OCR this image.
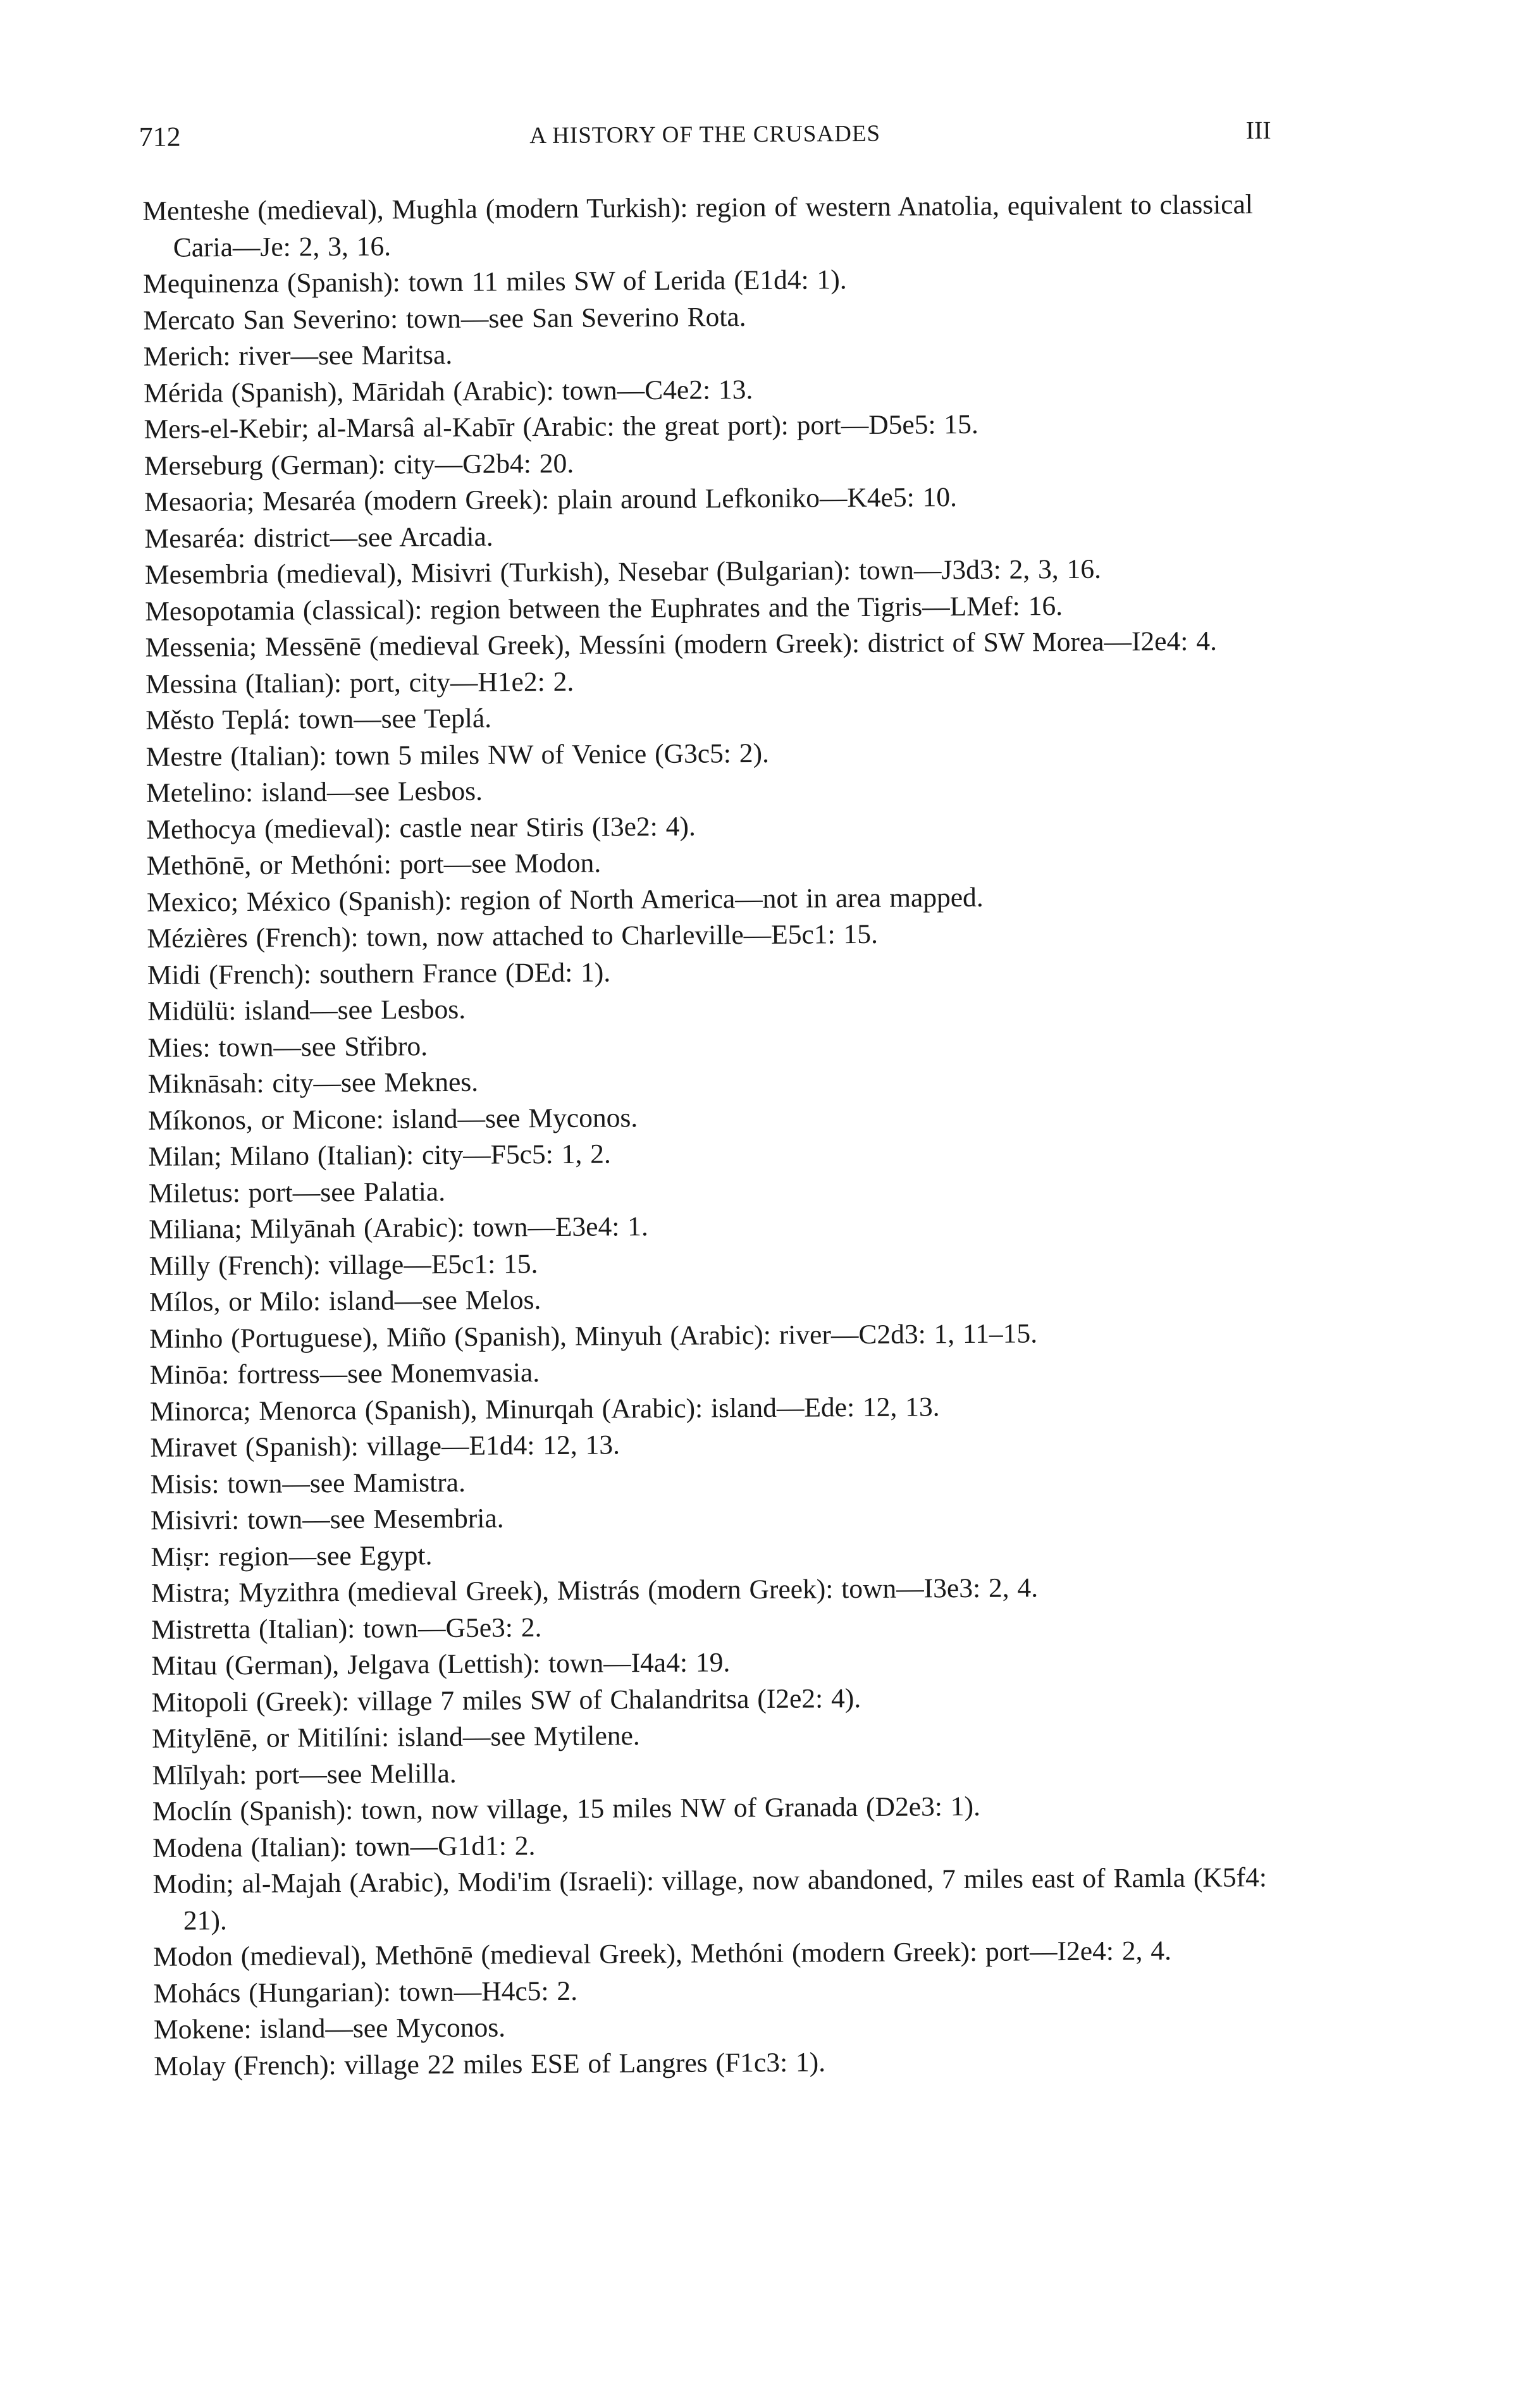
712	A HISTORY OF THE CRUSADES	III
Menteshe (medieval), Mughla (modern Turkish): region of western Anatolia, equivalent to classical Caria—Je: 2, 3, 16.
Mequinenza (Spanish): town 11 miles SW of Lerida (E1d4: 1).
Mercato San Severino: town—see San Severino Rota.
Merich: river—see Maritsa.
Mérida (Spanish), Māridah (Arabic): town—C4e2: 13.
Mers-el-Kebir; al-Marsâ al-Kabīr (Arabic: the great port): port—D5e5: 15.
Merseburg (German): city—G2b4: 20.
Mesaoria; Mesaréa (modern Greek): plain around Lefkoniko—K4e5: 10.
Mesaréa: district—see Arcadia.
Mesembria (medieval), Misivri (Turkish), Nesebar (Bulgarian): town—J3d3: 2, 3, 16.
Mesopotamia (classical): region between the Euphrates and the Tigris—LMef: 16.
Messenia; Messēnē (medieval Greek), Messíni (modern Greek): district of SW Morea—I2e4: 4.
Messina (Italian): port, city—H1e2: 2.
Město Teplá: town—see Teplá.
Mestre (Italian): town 5 miles NW of Venice (G3c5: 2).
Metelino: island—see Lesbos.
Methocya (medieval): castle near Stiris (I3e2: 4).
Methōnē, or Methóni: port—see Modon.
Mexico; México (Spanish): region of North America—not in area mapped.
Mézières (French): town, now attached to Charleville—E5c1: 15.
Midi (French): southern France (DEd: 1).
Midülü: island—see Lesbos.
Mies: town—see Střibro.
Miknāsah: city—see Meknes.
Míkonos, or Micone: island—see Myconos.
Milan; Milano (Italian): city—F5c5: 1, 2.
Miletus: port—see Palatia.
Miliana; Milyānah (Arabic): town—E3e4: 1.
Milly (French): village—E5c1: 15.
Mílos, or Milo: island—see Melos.
Minho (Portuguese), Miño (Spanish), Minyuh (Arabic): river—C2d3: 1, 11–15.
Minōa: fortress—see Monemvasia.
Minorca; Menorca (Spanish), Minurqah (Arabic): island—Ede: 12, 13.
Miravet (Spanish): village—E1d4: 12, 13.
Misis: town—see Mamistra.
Misivri: town—see Mesembria.
Miṣr: region—see Egypt.
Mistra; Myzithra (medieval Greek), Mistrás (modern Greek): town—I3e3: 2, 4.
Mistretta (Italian): town—G5e3: 2.
Mitau (German), Jelgava (Lettish): town—I4a4: 19.
Mitopoli (Greek): village 7 miles SW of Chalandritsa (I2e2: 4).
Mitylēnē, or Mitilíni: island—see Mytilene.
Mlīlyah: port—see Melilla.
Moclín (Spanish): town, now village, 15 miles NW of Granada (D2e3: 1).
Modena (Italian): town—G1d1: 2.
Modin; al-Majah (Arabic), Modi'im (Israeli): village, now abandoned, 7 miles east of Ramla (K5f4: 21).
Modon (medieval), Methōnē (medieval Greek), Methóni (modern Greek): port—I2e4: 2, 4.
Mohács (Hungarian): town—H4c5: 2.
Mokene: island—see Myconos.
Molay (French): village 22 miles ESE of Langres (F1c3: 1).
